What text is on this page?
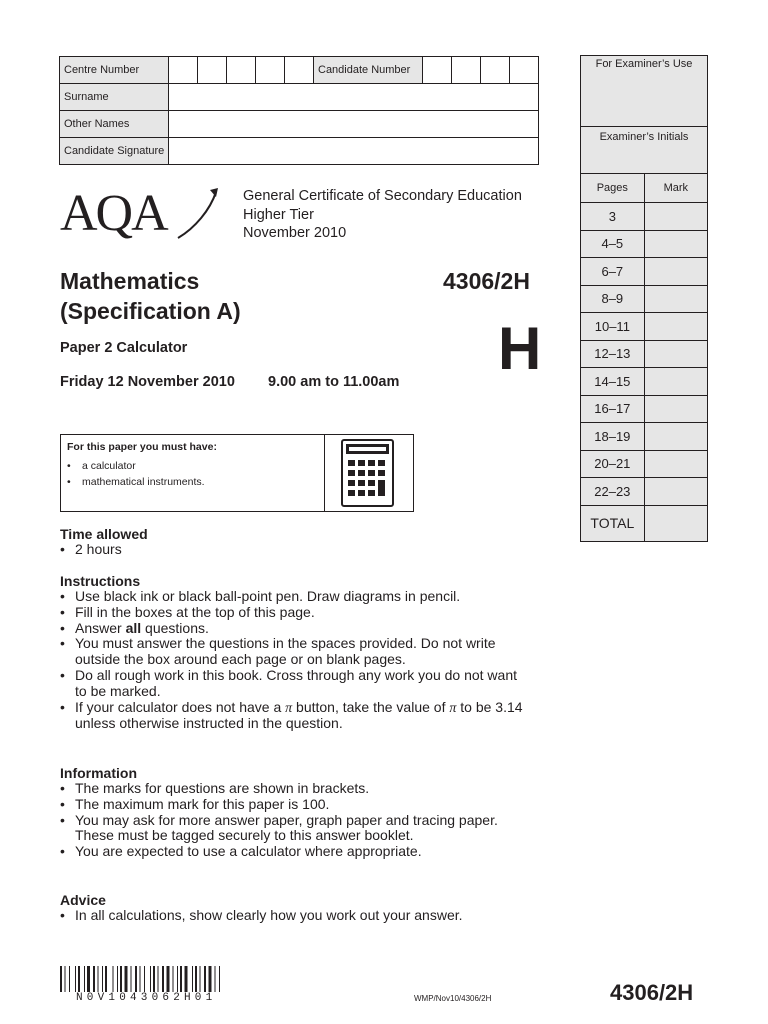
Centre Number						Candidate Number				
Surname										
Other Names										
Candidate Signature										
For Examiner’s Use	
Examiner’s Initials	
Pages	Mark
3	
4–5	
6–7	
8–9	
10–11	
12–13	
14–15	
16–17	
18–19	
20–21	
22–23	
TOTAL	
AQA	General Certificate of Secondary Education
Higher Tier
November 2010
Mathematics
(Specification A)
4306/2H
H
Paper 2 Calculator
Friday 12 November 2010 9.00 am to 11.00am
For this paper you must have:
• a calculator
• mathematical instruments.
Time allowed
• 2 hours
Instructions
• Use black ink or black ball-point pen. Draw diagrams in pencil.
• Fill in the boxes at the top of this page.
• Answer all questions.
• You must answer the questions in the spaces provided. Do not write outside the box around each page or on blank pages.
• Do all rough work in this book. Cross through any work you do not want to be marked.
• If your calculator does not have a π button, take the value of π to be 3.14
unless otherwise instructed in the question.
Information
• The marks for questions are shown in brackets.
• The maximum mark for this paper is 100.
• You may ask for more answer paper, graph paper and tracing paper. These must be tagged securely to this answer booklet.
• You are expected to use a calculator where appropriate.
Advice
• In all calculations, show clearly how you work out your answer.
N0V1043062H01	WMP/Nov10/4306/2H	4306/2H
